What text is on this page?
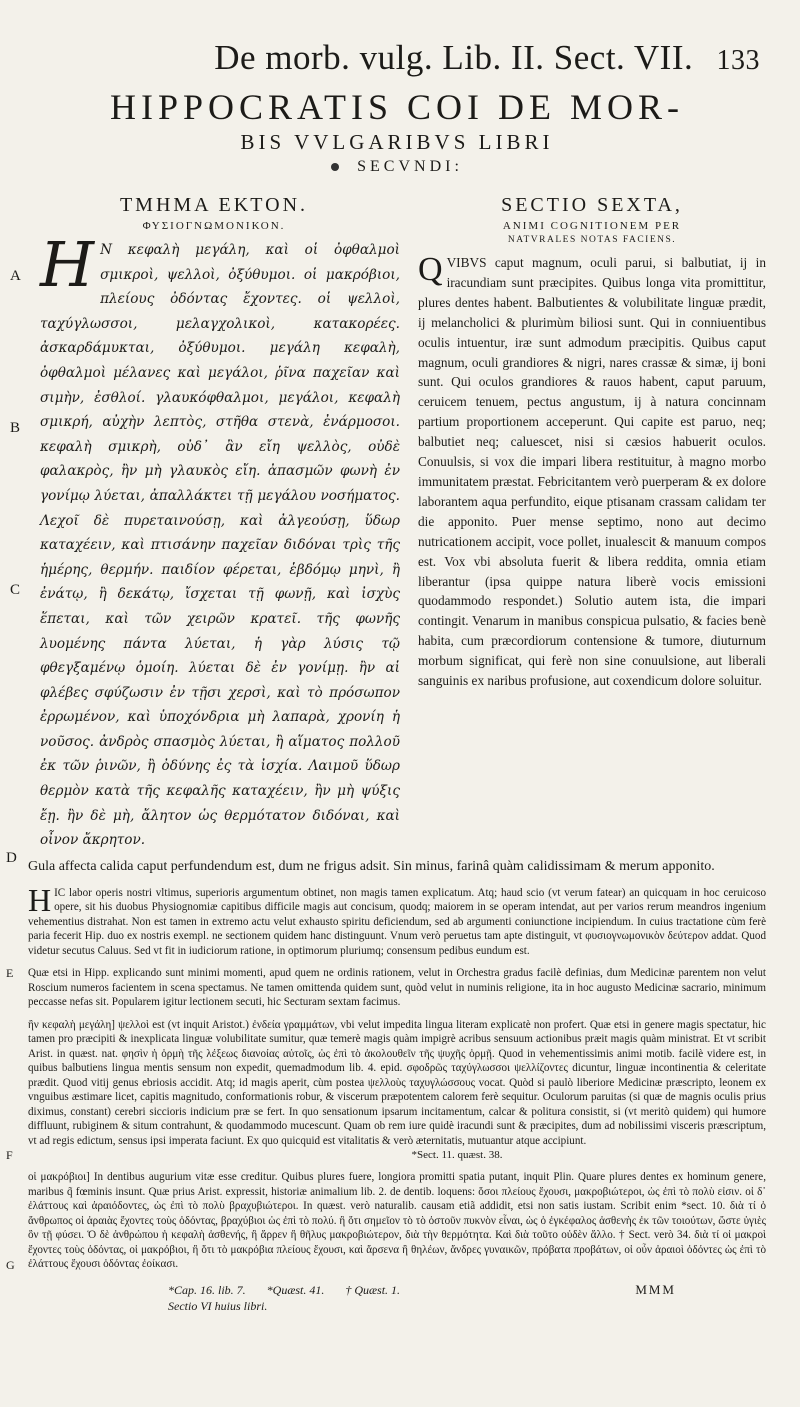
De morb. vulg. Lib. II. Sect. VII. 133
HIPPOCRATIS COI DE MOR-
BIS VVLGARIBVS LIBRI
SECVNDI:
ΤΜΗΜΑ ΕΚΤΟΝ.
ΦΥΣΙΟΓΝΩΜΟΝΙΚΟΝ.
A
B
C

H Ν κεφαλὴ μεγάλη, καὶ οἱ ὀφθαλμοὶ σμικροὶ, ψελλοὶ, ὀξύθυμοι. οἱ μακρόβιοι, πλείους ὀδόντας ἔχοντες. οἱ ψελλοὶ, ταχύγλωσσοι, μελαγχολικοὶ, κατακορέες. ἀσκαρδάμυκται, ὀξύθυμοι. μεγάλη κεφαλὴ, ὀφθαλμοὶ μέλανες καὶ μεγάλοι, ῥῖνα παχεῖαν καὶ σιμὴν, ἐσθλοί. γλαυκόφθαλμοι, μεγάλοι, κεφαλὴ σμικρή, αὐχὴν λεπτὸς, στῆθα στενὰ, ἐνάρμοσοι. κεφαλὴ σμικρὴ, οὐδ᾽ ἂν εἴη ψελλὸς, οὐδὲ φαλακρὸς, ἢν μὴ γλαυκὸς εἴη. ἀπασμῶν φωνὴ ἐν γονίμῳ λύεται, ἀπαλλάκτει τῇ μεγάλου νοσήματος. Λεχοῖ δὲ πυρεταινούσῃ, καὶ ἀλγεούσῃ, ὕδωρ καταχέειν, καὶ πτισάνην παχεῖαν διδόναι τρὶς τῆς ἡμέρης, θερμήν. παιδίον φέρεται, ἑβδόμῳ μηνὶ, ἢ ἐνάτῳ, ἢ δεκάτῳ, ἴσχεται τῇ φωνῇ, καὶ ἰσχὺς ἕπεται, καὶ τῶν χειρῶν κρατεῖ. τῆς φωνῆς λυομένης πάντα λύεται, ἡ γὰρ λύσις τῷ φθεγξαμένῳ ὁμοίη. λύεται δὲ ἐν γονίμῃ. ἢν αἱ φλέβες σφύζωσιν ἐν τῇσι χερσὶ, καὶ τὸ πρόσωπον ἐρρωμένον, καὶ ὑποχόνδρια μὴ λαπαρὰ, χρονίη ἡ νοῦσος. ἀνδρὸς σπασμὸς λύεται, ἢ αἵματος πολλοῦ ἐκ τῶν ῥινῶν, ἢ ὀδύνης ἐς τὰ ἰσχία. Λαιμοῦ ὕδωρ θερμὸν κατὰ τῆς κεφαλῆς καταχέειν, ἢν μὴ ψύξις ἔῃ. ἢν δὲ μὴ, ἄλητον ὡς θερμότατον διδόναι, καὶ οἶνον ἄκρητον.

SECTIO SEXTA,
ANIMI COGNITIONEM PER
NATVRALES NOTAS FACIENS.

QVIBVS caput magnum, oculi parui, si balbutiat, ij in iracundiam sunt præcipites. Quibus longa vita promittitur, plures dentes habent. Balbutientes & volubilitate linguæ prædit, ij melancholici & plurimùm biliosi sunt. Qui in conniuentibus oculis intuentur, iræ sunt admodum præcipitis. Quibus caput magnum, oculi grandiores & nigri, nares crassæ & simæ, ij boni sunt. Qui oculos grandiores & rauos habent, caput paruum, ceruicem tenuem, pectus angustum, ij à natura concinnam partium proportionem acceperunt. Qui capite est paruo, neq; balbutiet neq; caluescet, nisi si cæsios habuerit oculos. Conuulsis, si vox die impari libera restituitur, à magno morbo immunitatem præstat. Febricitantem verò puerperam & ex dolore laborantem aqua perfundito, eique ptisanam crassam calidam ter die apponito. Puer mense septimo, nono aut decimo nutricationem accipit, voce pollet, inualescit & manuum compos est. Vox vbi absoluta fuerit & libera reddita, omnia etiam liberantur (ipsa quippe natura liberè vocis emissioni quodammodo respondet.) Solutio autem ista, die impari contingit. Venarum in manibus conspicua pulsatio, & facies benè habita, cum præcordiorum contensione & tumore, diuturnum morbum significat, qui ferè non sine conuulsione, aut liberali sanguinis ex naribus profusione, aut coxendicum dolore soluitur.

D
Gula affecta calida caput perfundendum est, dum ne frigus adsit. Sin minus, farinâ quàm calidissimam & merum apponito.

HIC labor operis nostri vltimus, superioris argumentum obtinet, non magis tamen explicatum. Atq; haud scio (vt verum fatear) an quicquam in hoc ceruicoso opere, sit his duobus Physiognomiæ capitibus difficile magis aut concisum, quodq; maiorem in se operam intendat, aut per varios rerum meandros ingenium vehementius distrahat. Non est tamen in extremo actu velut exhausto spiritu deficiendum, sed ab argumenti coniunctione incipiendum. In cuius tractatione cùm ferè paria fecerit Hip. duo ex nostris exempl. ne sectionem quidem hanc distinguunt. Vnum verò peruetus tam apte distinguit, vt φυσιογνωμονικὸν δεύτερον addat. Quod videtur secutus Caluus. Sed vt fit in iudiciorum ratione, in optimorum pluriumq; consensum pedibus eundum est.

E Quæ etsi in Hipp. explicando sunt minimi momenti, apud quem ne ordinis rationem, velut in Orchestra gradus facilè definias, dum Medicinæ parentem non velut Roscium numeros facientem in scena spectamus. Ne tamen omittenda quidem sunt, quòd velut in numinis religione, ita in hoc augusto Medicinæ sacrario, minimum peccasse nefas sit. Popularem igitur lectionem secuti, hic Secturam sextam facimus.

F
ἢν κεφαλὴ μεγάλη] ψελλοὶ est (vt inquit Aristot.) ἐνδεία γραμμάτων, vbi velut impedita lingua literam explicatè non profert. Quæ etsi in genere magis spectatur, hic tamen pro præcipiti & inexplicata linguæ volubilitate sumitur, quæ temerè magis quàm impigrè acribus sensuum actionibus præit magis quàm ministrat. Et vt scribit Arist. in quæst. nat. φησὶν ἡ ὁρμὴ τῆς λέξεως διανοίας αὐτοῖς, ὡς ἐπὶ τὸ ἀκολουθεῖν τῆς ψυχῆς ὁρμῇ. Quod in vehementissimis animi motib. facilè videre est, in quibus balbutiens lingua mentis sensum non expedit, quemadmodum lib. 4. epid. σφοδρῶς ταχύγλωσσοι ψελλίζοντες dicuntur, linguæ incontinentia & celeritate prædit. Quod vitij genus ebriosis accidit. Atq; id magis aperit, cùm postea ψελλοὺς ταχυγλώσσους vocat. Quòd si paulò liberiore Medicinæ præscripto, leonem ex vnguibus æstimare licet, capitis magnitudo, conformationis robur, & viscerum præpotentem calorem ferè sequitur. Oculorum paruitas (si quæ de magnis oculis prius diximus, constant) cerebri siccioris indicium præ se fert. In quo sensationum ipsarum incitamentum, calcar & politura consistit, si (vt meritò quidem) qui humore diffluunt, rubiginem & situm contrahunt, & quodammodo mucescunt. Quam ob rem iure quidè iracundi sunt & præcipites, dum ad nobilissimi visceris præscriptum, vt ad regis edictum, sensus ipsi imperata faciunt. Ex quo quicquid est vitalitatis & verò æternitatis, mutuantur atque accipiunt.

*Sect. 11. quæst. 38.

G
οἱ μακρόβιοι] In dentibus augurium vitæ esse creditur. Quibus plures fuere, longiora promitti spatia putant, inquit Plin. Quare plures dentes ex hominum genere, maribus q̃ fœminis insunt. Quæ prius Arist. expressit, historiæ animalium lib. 2. de dentib. loquens: ὅσοι πλείους ἔχουσι, μακροβιώτεροι, ὡς ἐπὶ τὸ πολὺ εἰσιν. οἱ δ᾽ ἐλάττους καὶ ἀραιόδοντες, ὡς ἐπὶ τὸ πολὺ βραχυβιώτεροι. In quæst. verò naturalib. causam etiã addidit, etsi non satis iustam. Scribit enim *sect. 10. διὰ τί ὁ ἄνθρωπος οἱ ἀραιὰς ἔχοντες τοὺς ὀδόντας, βραχύβιοι ὡς ἐπὶ τὸ πολύ. ἢ ὅτι σημεῖον τὸ τὸ ὀστοῦν πυκνὸν εἶναι, ὡς ὁ ἐγκέφαλος ἀσθενὴς ἐκ τῶν τοιούτων, ὥστε ὑγιὲς ὂν τῇ φύσει. Ὁ δὲ ἀνθρώπου ἡ κεφαλὴ ἀσθενής, ἢ ἄρρεν ἢ θῆλυς μακροβιώτερον, διὰ τὴν θερμότητα. Καὶ διὰ τοῦτο οὐδὲν ἄλλο. † Sect. verò 34. διὰ τί οἱ μακροὶ ἔχοντες τοὺς ὀδόντας, οἱ μακρόβιοι, ἢ ὅτι τὸ μακρόβια πλείους ἔχουσι, καὶ ἄρσενα ἢ θηλέων, ἄνδρες γυναικῶν, πρόβατα προβάτων, οἱ οὖν ἀραιοὶ ὀδόντες ὡς ἐπὶ τὸ ἐλάττους ἔχουσι ὀδόντας ἐοίκασι.

*Cap. 16. lib. 7. *Quæst. 41. † Quæst. 1.
Sectio VI huius libri.
MMM
